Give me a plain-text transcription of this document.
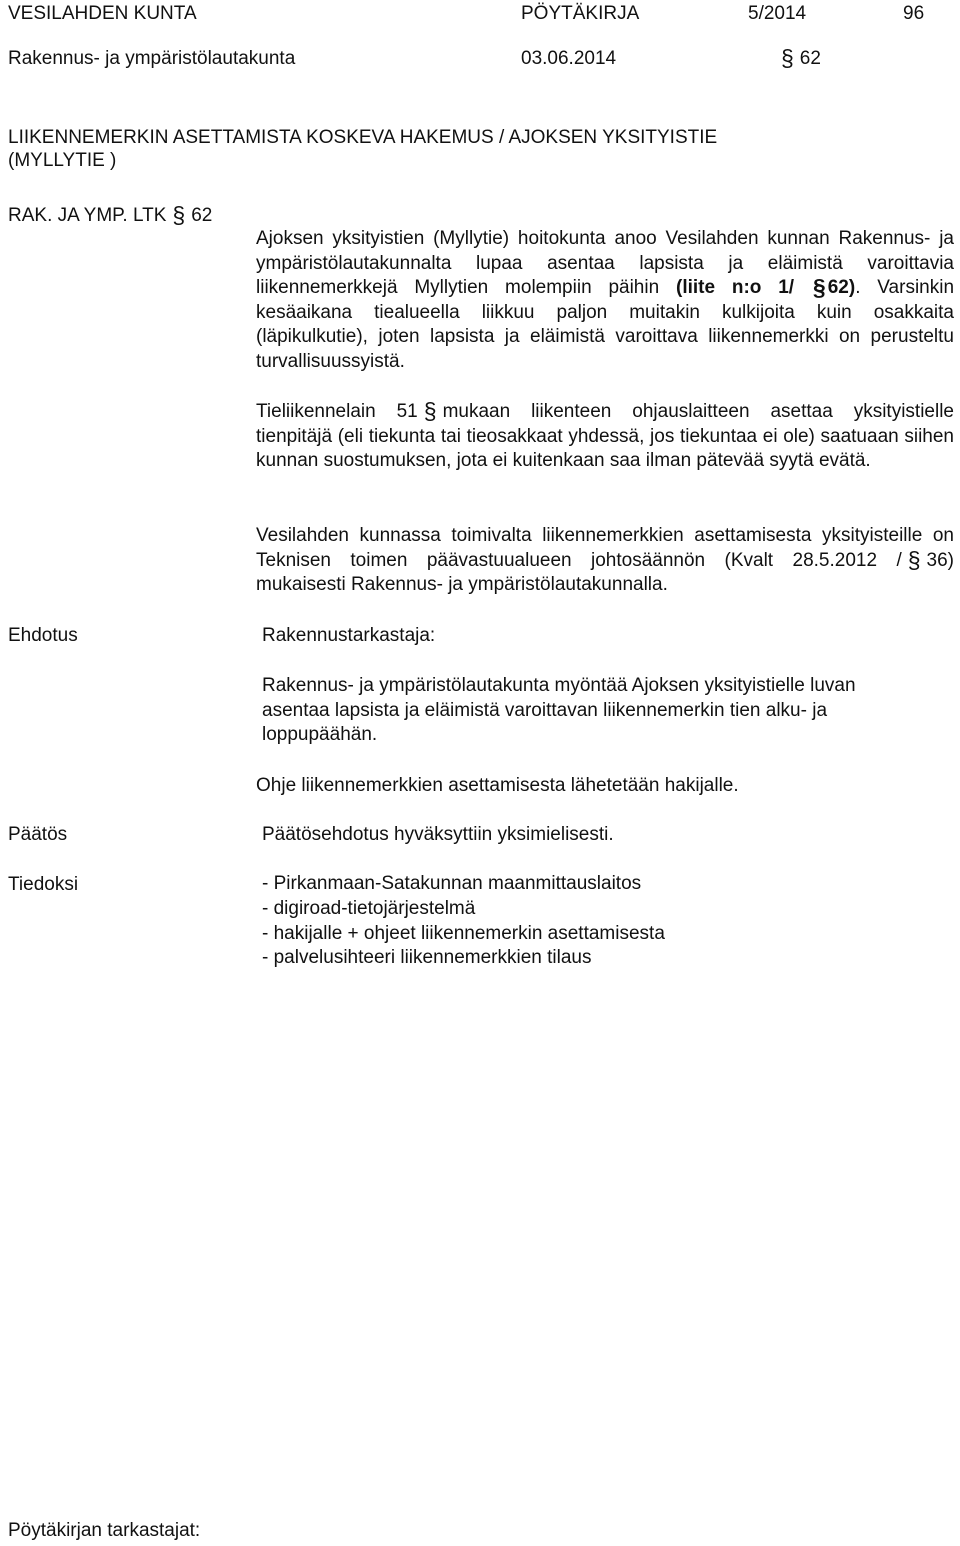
VESILAHDEN KUNTA	PÖYTÄKIRJA	5/2014	96
Rakennus- ja ympäristölautakunta	03.06.2014	§ 62
LIIKENNEMERKIN ASETTAMISTA KOSKEVA HAKEMUS / AJOKSEN YKSITYISTIE
(MYLLYTIE )
RAK. JA YMP. LTK § 62
Ajoksen yksityistien (Myllytie) hoitokunta anoo Vesilahden kunnan Rakennus- ja ympäristölautakunnalta lupaa asentaa lapsista ja eläimistä varoittavia liikennemerkkejä Myllytien molempiin päihin (liite n:o 1/ § 62). Varsinkin kesäaikana tiealueella liikkuu paljon muitakin kulkijoita kuin osakkaita (läpikulkutie), joten lapsista ja eläimistä varoittava liikennemerkki on perusteltu turvallisuussyistä.
Tieliikennelain 51 § mukaan liikenteen ohjauslaitteen asettaa yksityistielle tienpitäjä (eli tiekunta tai tieosakkaat yhdessä, jos tiekuntaa ei ole) saatuaan siihen kunnan suostumuksen, jota ei kuitenkaan saa ilman pätevää syytä evätä.
Vesilahden kunnassa toimivalta liikennemerkkien asettamisesta yksityisteille on Teknisen toimen päävastuualueen johtosäännön (Kvalt 28.5.2012 / § 36) mukaisesti Rakennus- ja ympäristölautakunnalla.
Ehdotus	Rakennustarkastaja:
Rakennus- ja ympäristölautakunta myöntää Ajoksen yksityistielle luvan asentaa lapsista ja eläimistä varoittavan liikennemerkin tien alku- ja loppupäähän.
Ohje liikennemerkkien asettamisesta lähetetään hakijalle.
Päätös	Päätösehdotus hyväksyttiin yksimielisesti.
Tiedoksi	- Pirkanmaan-Satakunnan maanmittauslaitos
- digiroad-tietojärjestelmä
- hakijalle + ohjeet liikennemerkin asettamisesta
- palvelusihteeri liikennemerkkien tilaus
Pöytäkirjan tarkastajat:
